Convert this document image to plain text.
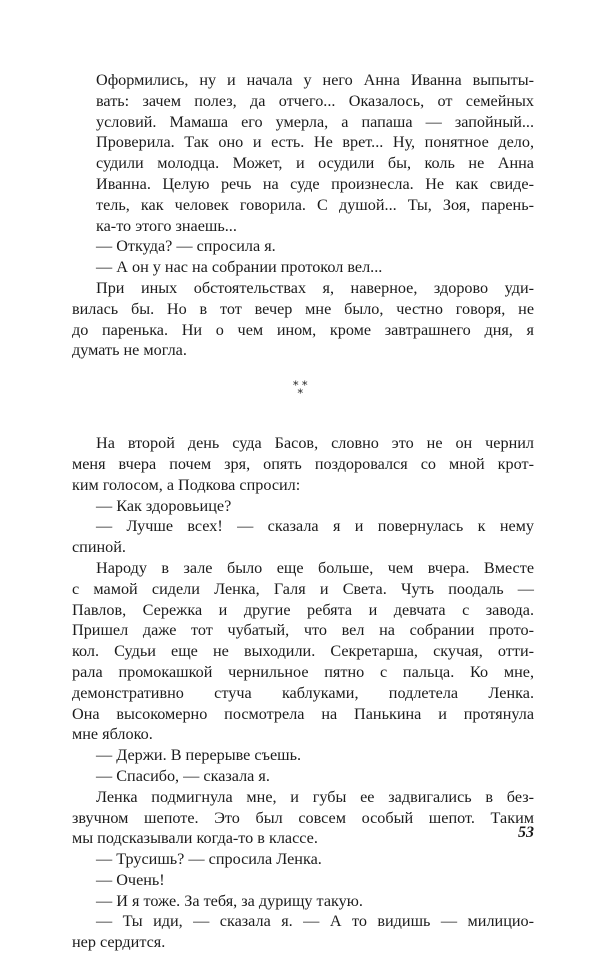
Оформились, ну и начала у него Анна Иванна выпыты-
вать: зачем полез, да отчего... Оказалось, от семейных
условий. Мамаша его умерла, а папаша — запойный...
Проверила. Так оно и есть. Не врет... Ну, понятное дело,
судили молодца. Может, и осудили бы, коль не Анна
Иванна. Целую речь на суде произнесла. Не как свиде-
тель, как человек говорила. С душой... Ты, Зоя, парень-
ка-то этого знаешь...
— Откуда? — спросила я.
— А он у нас на собрании протокол вел...
При иных обстоятельствах я, наверное, здорово уди-
вилась бы. Но в тот вечер мне было, честно говоря, не
до паренька. Ни о чем ином, кроме завтрашнего дня, я
думать не могла.
* *
*
На второй день суда Басов, словно это не он чернил
меня вчера почем зря, опять поздоровался со мной крот-
ким голосом, а Подкова спросил:
— Как здоровьице?
— Лучше всех! — сказала я и повернулась к нему
спиной.
Народу в зале было еще больше, чем вчера. Вместе
с мамой сидели Ленка, Галя и Света. Чуть поодаль —
Павлов, Сережка и другие ребята и девчата с завода.
Пришел даже тот чубатый, что вел на собрании прото-
кол. Судьи еще не выходили. Секретарша, скучая, отти-
рала промокашкой чернильное пятно с пальца. Ко мне,
демонстративно стуча каблуками, подлетела Ленка.
Она высокомерно посмотрела на Панькина и протянула
мне яблоко.
— Держи. В перерыве съешь.
— Спасибо, — сказала я.
Ленка подмигнула мне, и губы ее задвигались в без-
звучном шепоте. Это был совсем особый шепот. Таким
мы подсказывали когда-то в классе.
— Трусишь? — спросила Ленка.
— Очень!
— И я тоже. За тебя, за дурищу такую.
— Ты иди, — сказала я. — А то видишь — милицио-
нер сердится.
53
